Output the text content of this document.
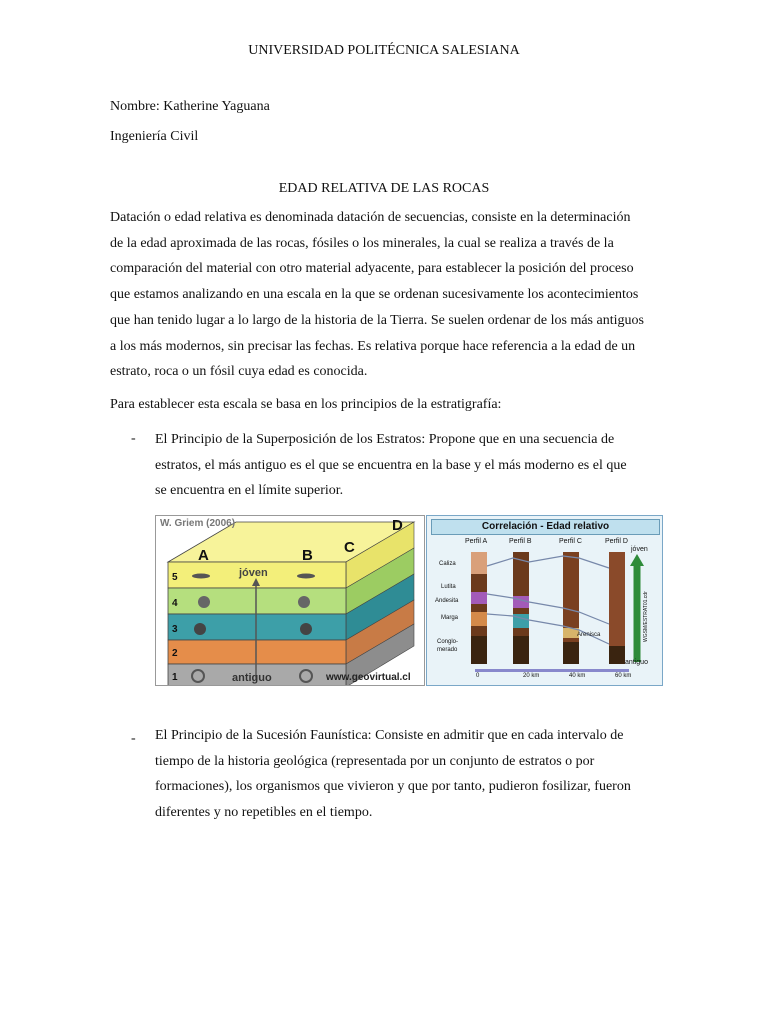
UNIVERSIDAD POLITÉCNICA SALESIANA
Nombre: Katherine Yaguana
Ingeniería Civil
EDAD RELATIVA DE LAS ROCAS
Datación o edad relativa es denominada datación de secuencias, consiste en la determinación
de la edad aproximada de las rocas, fósiles o los minerales, la cual se realiza a través de la
comparación del material con otro material adyacente, para establecer la posición del proceso
que estamos analizando en una escala en la que se ordenan sucesivamente los acontecimientos
que han tenido lugar a lo largo de la historia de la Tierra. Se suelen ordenar de los más antiguos
a los más modernos, sin precisar las fechas. Es relativa porque hace referencia a la edad de un
estrato, roca o un fósil cuya edad es conocida.
Para establecer esta escala se basa en los principios de la estratigrafía:
- El Principio de la Superposición de los Estratos: Propone que en una secuencia de
estratos, el más antiguo es el que se encuentra en la base y el más moderno es el que
se encuentra en el límite superior.
W. Griem (2006)
A	B C
D
jóven
antiguo	www.geovirtual.cl
5
4
3
2
1
Correlación - Edad relativo
Perfil A	Perfil B	Perfil C	Perfil D
Caliza
Lutita
Andesita
Marga
Conglo-
merado
Arenisca
jóven
antiguo
0	20 km	40 km	60 km
WGSM/ESTRAT01.cdr
- El Principio de la Sucesión Faunística: Consiste en admitir que en cada intervalo de
tiempo de la historia geológica (representada por un conjunto de estratos o por
formaciones), los organismos que vivieron y que por tanto, pudieron fosilizar, fueron
diferentes y no repetibles en el tiempo.
